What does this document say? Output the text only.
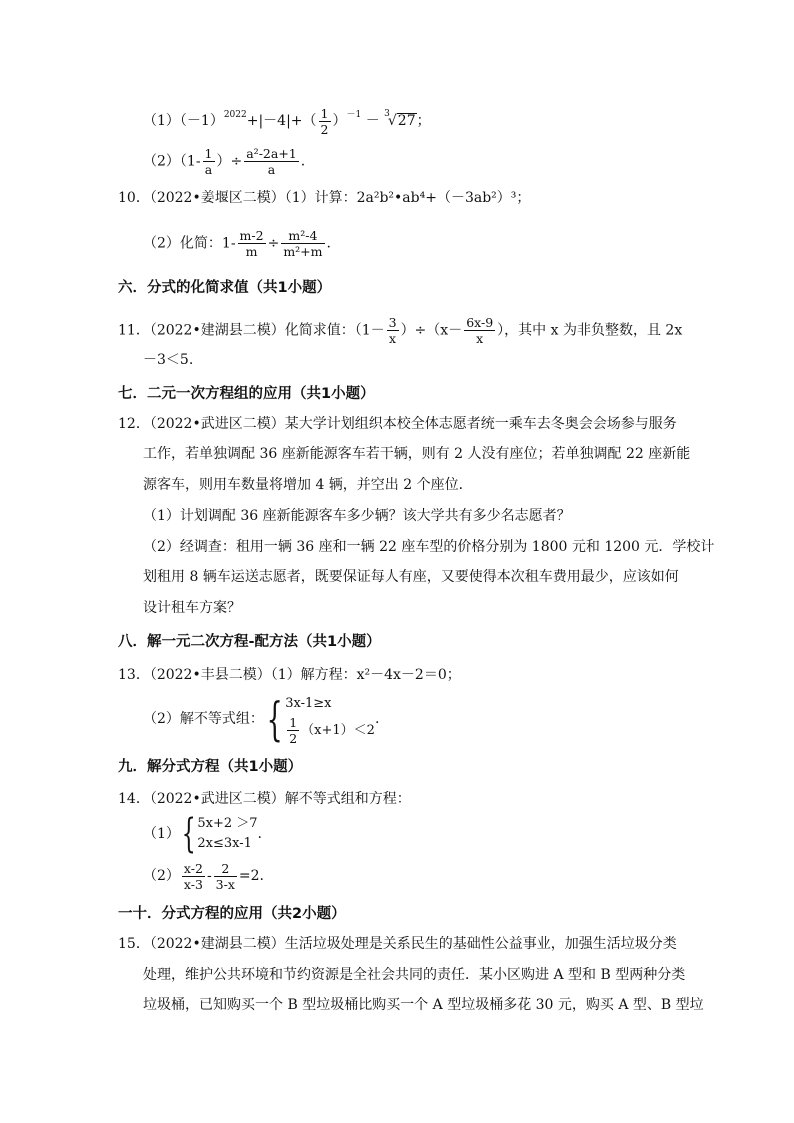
$(1)(-1)^{2022}+|-4|+( \frac{1}{2} )^{-1} - ^3√27$；
$(2)(1- \frac{1}{a}$ ）÷ $\frac{\text{a²-2a+1}}{a}$ .
10．（2022•姜堰区二模）（1）计算：2a²b²•ab⁴+（－3ab²）³；
（2）化简：$1- \frac{m-2}{m} \div \frac{\text{m²-4}}{\text{m²+m}}$ .
六．分式的化简求值（共1小题）
11．（2022•建湖县二模）化简求值：$(1- \frac{3}{x} )\div(x- \frac{6x-9}{x}$ ），其中 x 为非负整数，且 2x
－3＜5.
七．二元一次方程组的应用（共1小题）
12．（2022•武进区二模）某大学计划组织本校全体志愿者统一乘车去冬奥会会场参与服务
工作，若单独调配 36 座新能源客车若干辆，则有 2 人没有座位；若单独调配 22 座新能
源客车，则用车数量将增加 4 辆，并空出 2 个座位．
（1）计划调配 36 座新能源客车多少辆？该大学共有多少名志愿者？
（2）经调查：租用一辆 36 座和一辆 22 座车型的价格分别为 1800 元和 1200 元．学校计
划租用 8 辆车运送志愿者，既要保证每人有座，又要使得本次租车费用最少，应该如何
设计租车方案？
八．解一元二次方程-配方法（共1小题）
13．（2022•丰县二模）（1）解方程：x²－4x－2＝0；
（2）解不等式组：{ 3x-1≥x
$\frac{1}{2} (x+1)<2$
.
九．解分式方程（共1小题）
14．（2022•武进区二模）解不等式组和方程：
（1）{ 5x+2 ＞7
2x≤3x-1
.
$(2) \frac{x-2}{x-3} - \frac{2}{3-x} =2$.
一十．分式方程的应用（共2小题）
15．（2022•建湖县二模）生活垃圾处理是关系民生的基础性公益事业，加强生活垃圾分类
处理，维护公共环境和节约资源是全社会共同的责任．某小区购进 A 型和 B 型两种分类
垃圾桶，已知购买一个 B 型垃圾桶比购买一个 A 型垃圾桶多花 30 元，购买 A 型、B 型垃
